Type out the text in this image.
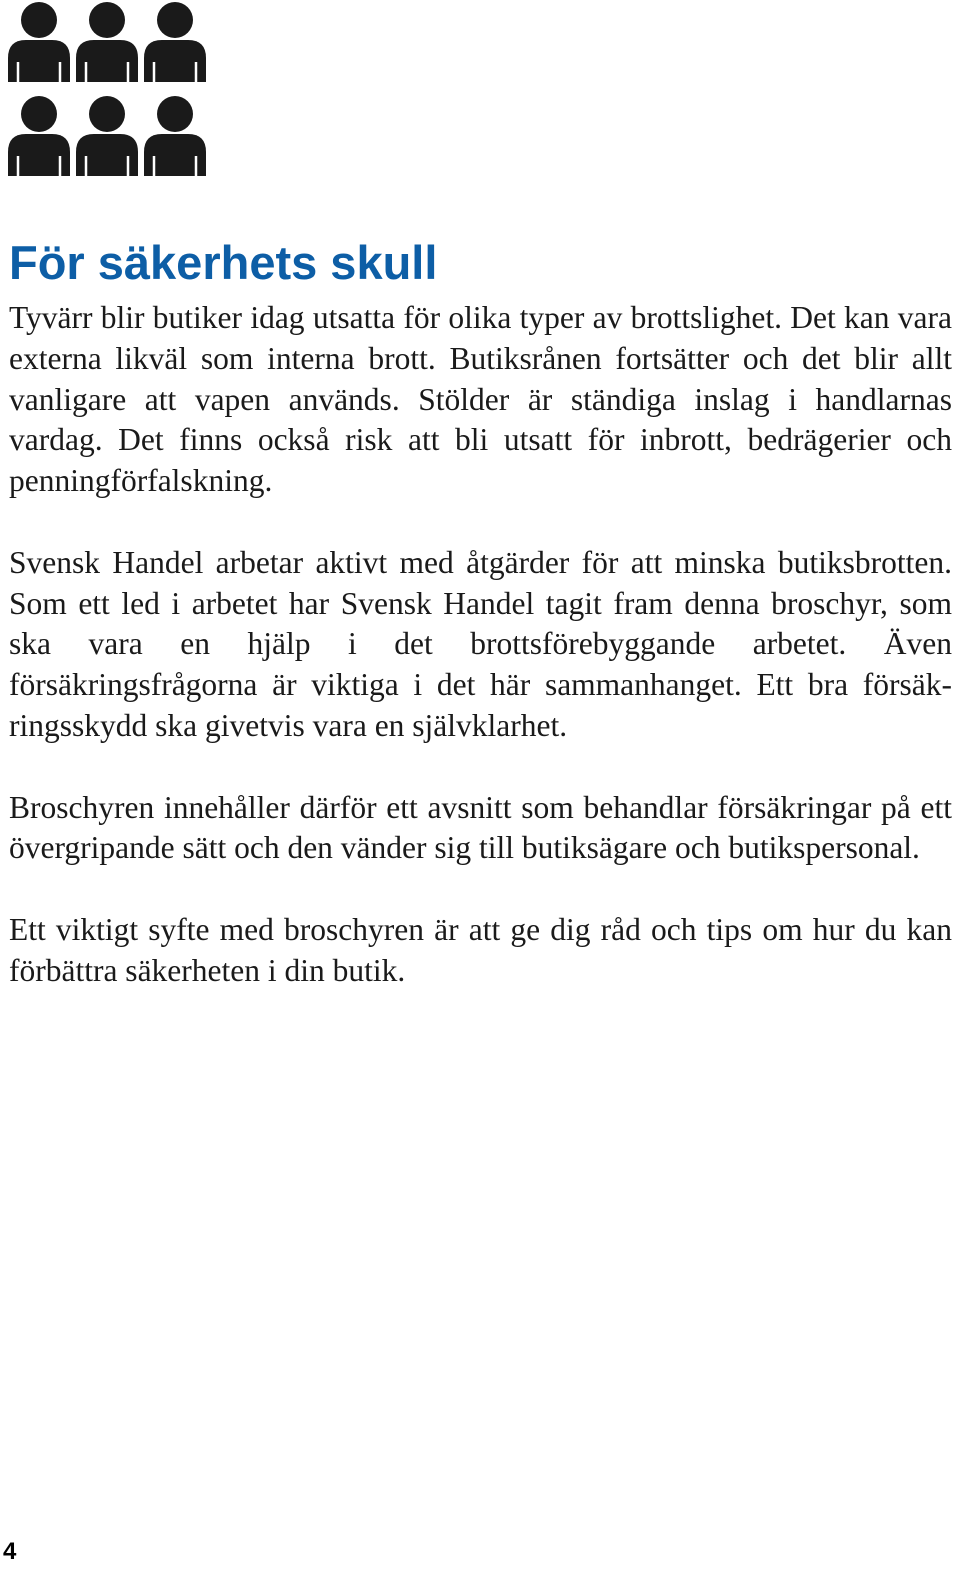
För säkerhets skull

Tyvärr blir butiker idag utsatta för olika typer av brottslighet. Det kan vara externa likväl som interna brott. Butiksrånen fortsätter och det blir allt vanligare att vapen används. Stölder är ständiga inslag i handlarnas vardag. Det finns också risk att bli utsatt för inbrott, bedrägerier och penningförfalskning.

Svensk Handel arbetar aktivt med åtgärder för att minska butiksbrotten. Som ett led i arbetet har Svensk Handel tagit fram denna broschyr, som ska vara en hjälp i det brottsförebyggande arbetet. Även försäkringsfrågorna är viktiga i det här sammanhanget. Ett bra försäkringsskydd ska givetvis vara en självklarhet.

Broschyren innehåller därför ett avsnitt som behandlar försäkringar på ett övergripande sätt och den vänder sig till butiksägare och butikspersonal.

Ett viktigt syfte med broschyren är att ge dig råd och tips om hur du kan förbättra säkerheten i din butik.

4
